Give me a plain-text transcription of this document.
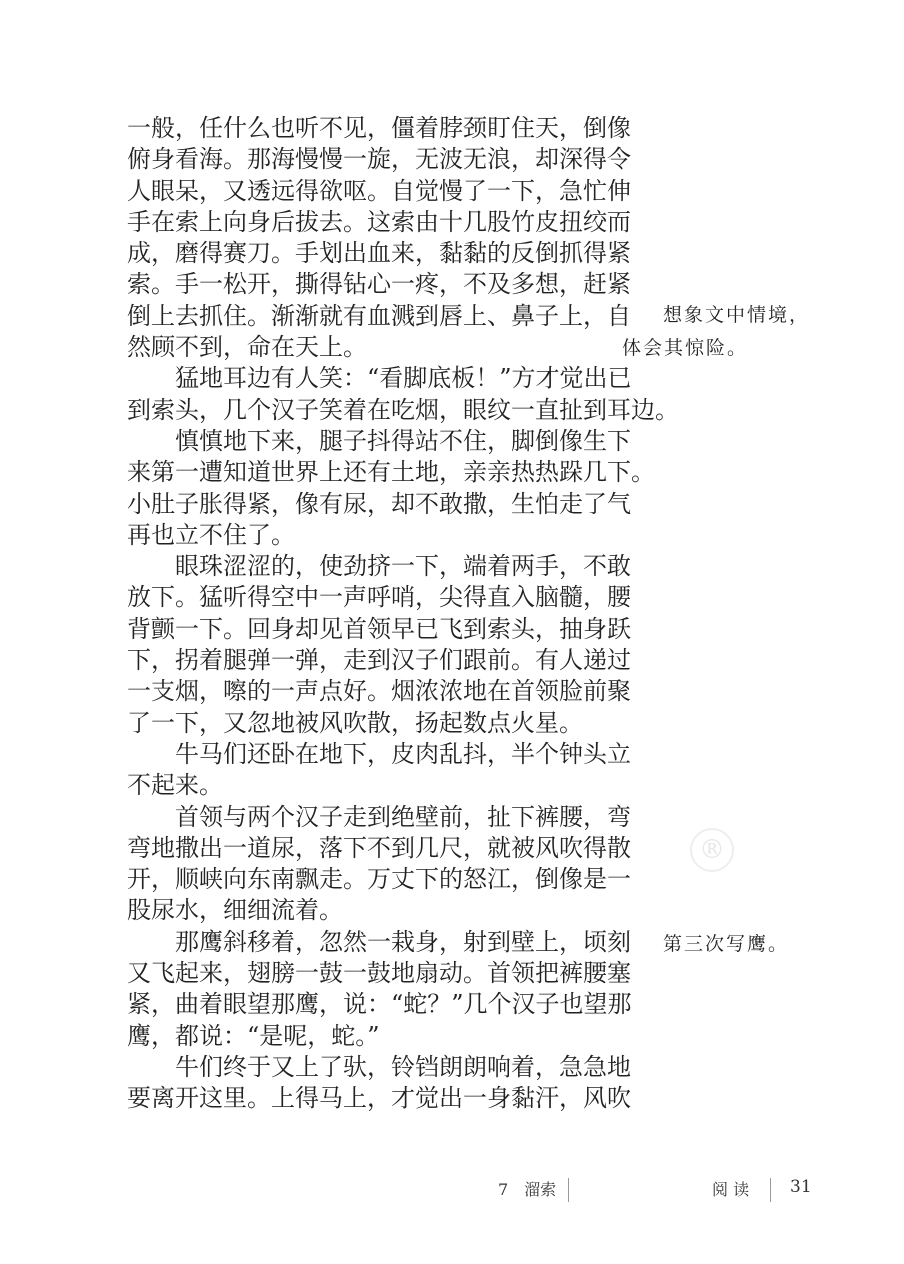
一般，任什么也听不见，僵着脖颈盯住天，倒像
俯身看海。那海慢慢一旋，无波无浪，却深得令
人眼呆，又透远得欲呕。自觉慢了一下，急忙伸
手在索上向身后拔去。这索由十几股竹皮扭绞而
成，磨得赛刀。手划出血来，黏黏的反倒抓得紧
索。手一松开，撕得钻心一疼，不及多想，赶紧
倒上去抓住。渐渐就有血溅到唇上、鼻子上，自
然顾不到，命在天上。
猛地耳边有人笑：“看脚底板！”方才觉出已
到索头，几个汉子笑着在吃烟，眼纹一直扯到耳边。
慎慎地下来，腿子抖得站不住，脚倒像生下
来第一遭知道世界上还有土地，亲亲热热跺几下。
小肚子胀得紧，像有尿，却不敢撒，生怕走了气
再也立不住了。
眼珠涩涩的，使劲挤一下，端着两手，不敢
放下。猛听得空中一声呼哨，尖得直入脑髓，腰
背颤一下。回身却见首领早已飞到索头，抽身跃
下，拐着腿弹一弹，走到汉子们跟前。有人递过
一支烟，嚓的一声点好。烟浓浓地在首领脸前聚
了一下，又忽地被风吹散，扬起数点火星。
牛马们还卧在地下，皮肉乱抖，半个钟头立
不起来。
首领与两个汉子走到绝壁前，扯下裤腰，弯
弯地撒出一道尿，落下不到几尺，就被风吹得散
开，顺峡向东南飘走。万丈下的怒江，倒像是一
股尿水，细细流着。
那鹰斜移着，忽然一栽身，射到壁上，顷刻
又飞起来，翅膀一鼓一鼓地扇动。首领把裤腰塞
紧，曲着眼望那鹰，说：“蛇？”几个汉子也望那
鹰，都说：“是呢，蛇。”
牛们终于又上了驮，铃铛朗朗响着，急急地
要离开这里。上得马上，才觉出一身黏汗，风吹
想象文中情境，
体会其惊险。
第三次写鹰。
®
7　溜索	阅 读 31
